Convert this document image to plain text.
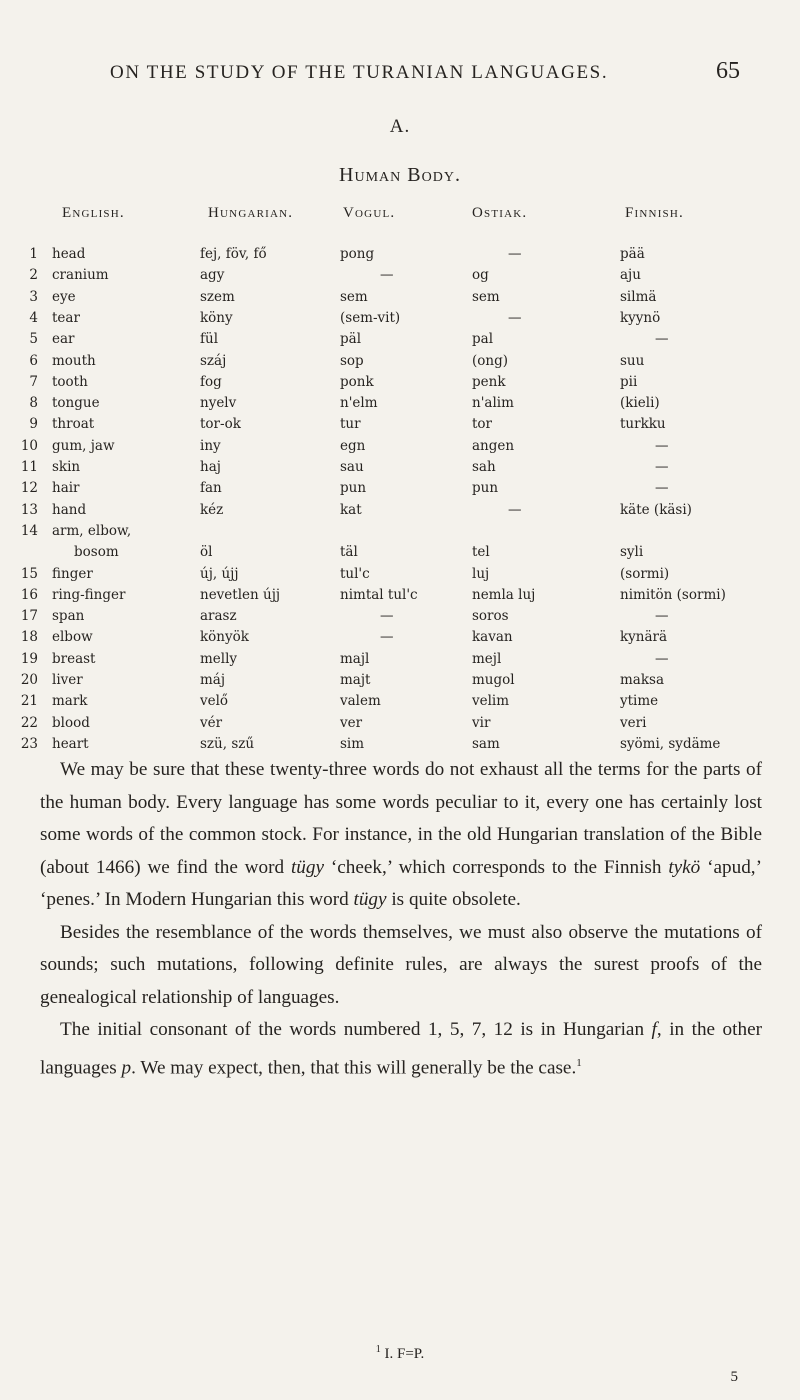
ON THE STUDY OF THE TURANIAN LANGUAGES.	65
A.
Human Body.
English.	Hungarian.	Vogul.	Ostiak.	Finnish.
1 head	fej, föv, fő	pong	—	pää
2 cranium	agy	—	og	aju
3 eye	szem	sem	sem	silmä
4 tear	köny	(sem-vit)	—	kyynö
5 ear	fül	päl	pal	—
6 mouth	száj	sop	(ong)	suu
7 tooth	fog	ponk	penk	pii
8 tongue	nyelv	n'elm	n'alim	(kieli)
9 throat	tor-ok	tur	tor	turkku
10 gum, jaw	iny	egn	angen	—
11 skin	haj	sau	sah	—
12 hair	fan	pun	pun	—
13 hand	kéz	kat	—	käte (käsi)
14 arm, elbow,
bosom	öl	täl	tel	syli
15 finger	új, újj	tul'c	luj	(sormi)
16 ring-finger	nevetlen újj	nimtal tul'c	nemla luj	nimitön (sormi)
17 span	arasz	—	soros	—
18 elbow	könyök	—	kavan	kynärä
19 breast	melly	majl	mejl	—
20 liver	máj	majt	mugol	maksa
21 mark	velő	valem	velim	ytime
22 blood	vér	ver	vir	veri
23 heart	szü, szű	sim	sam	syömi, sydäme

We may be sure that these twenty-three words do not exhaust all the terms for the parts of the human body. Every language has some words peculiar to it, every one has certainly lost some words of the common stock. For instance, in the old Hungarian translation of the Bible (about 1466) we find the word tügy ‘cheek,’ which corresponds to the Finnish tykö ‘apud,’ ‘penes.’ In Modern Hungarian this word tügy is quite obsolete.

Besides the resemblance of the words themselves, we must also observe the mutations of sounds; such mutations, following definite rules, are always the surest proofs of the genealogical relationship of languages.

The initial consonant of the words numbered 1, 5, 7, 12 is in Hungarian f, in the other languages p. We may expect, then, that this will generally be the case.$^1$

$^1$ I. F=P.
5
